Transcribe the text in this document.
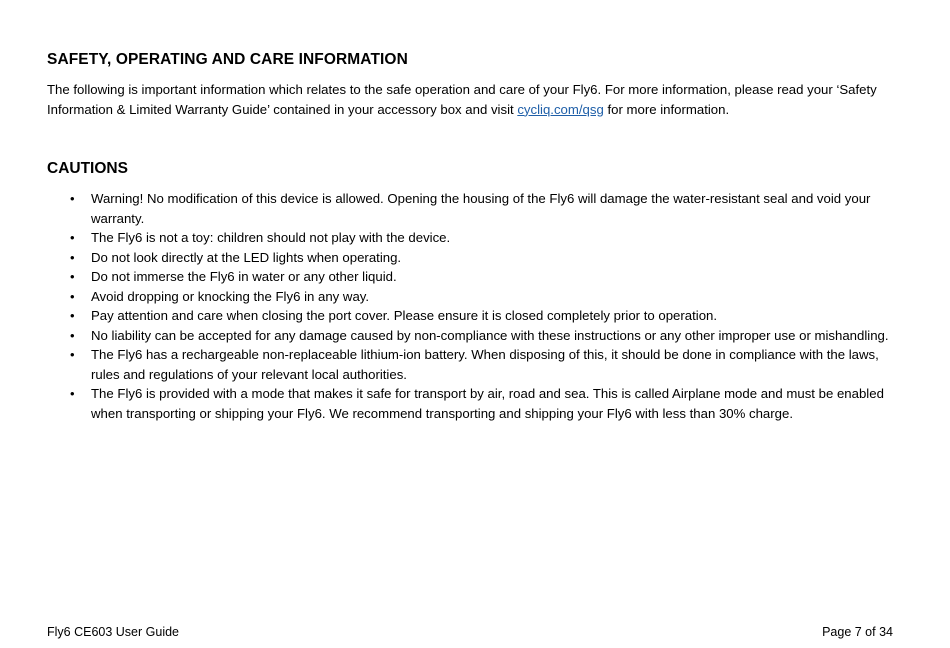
SAFETY, OPERATING AND CARE INFORMATION

The following is important information which relates to the safe operation and care of your Fly6. For more information, please read your ‘Safety Information & Limited Warranty Guide’ contained in your accessory box and visit cycliq.com/qsg for more information.

CAUTIONS
• Warning! No modification of this device is allowed. Opening the housing of the Fly6 will damage the water-resistant seal and void your warranty.
• The Fly6 is not a toy: children should not play with the device.
• Do not look directly at the LED lights when operating.
• Do not immerse the Fly6 in water or any other liquid.
• Avoid dropping or knocking the Fly6 in any way.
• Pay attention and care when closing the port cover. Please ensure it is closed completely prior to operation.
• No liability can be accepted for any damage caused by non-compliance with these instructions or any other improper use or mishandling.
• The Fly6 has a rechargeable non-replaceable lithium-ion battery. When disposing of this, it should be done in compliance with the laws, rules and regulations of your relevant local authorities.
• The Fly6 is provided with a mode that makes it safe for transport by air, road and sea. This is called Airplane mode and must be enabled when transporting or shipping your Fly6. We recommend transporting and shipping your Fly6 with less than 30% charge.
Fly6 CE603 User Guide	Page 7 of 34
